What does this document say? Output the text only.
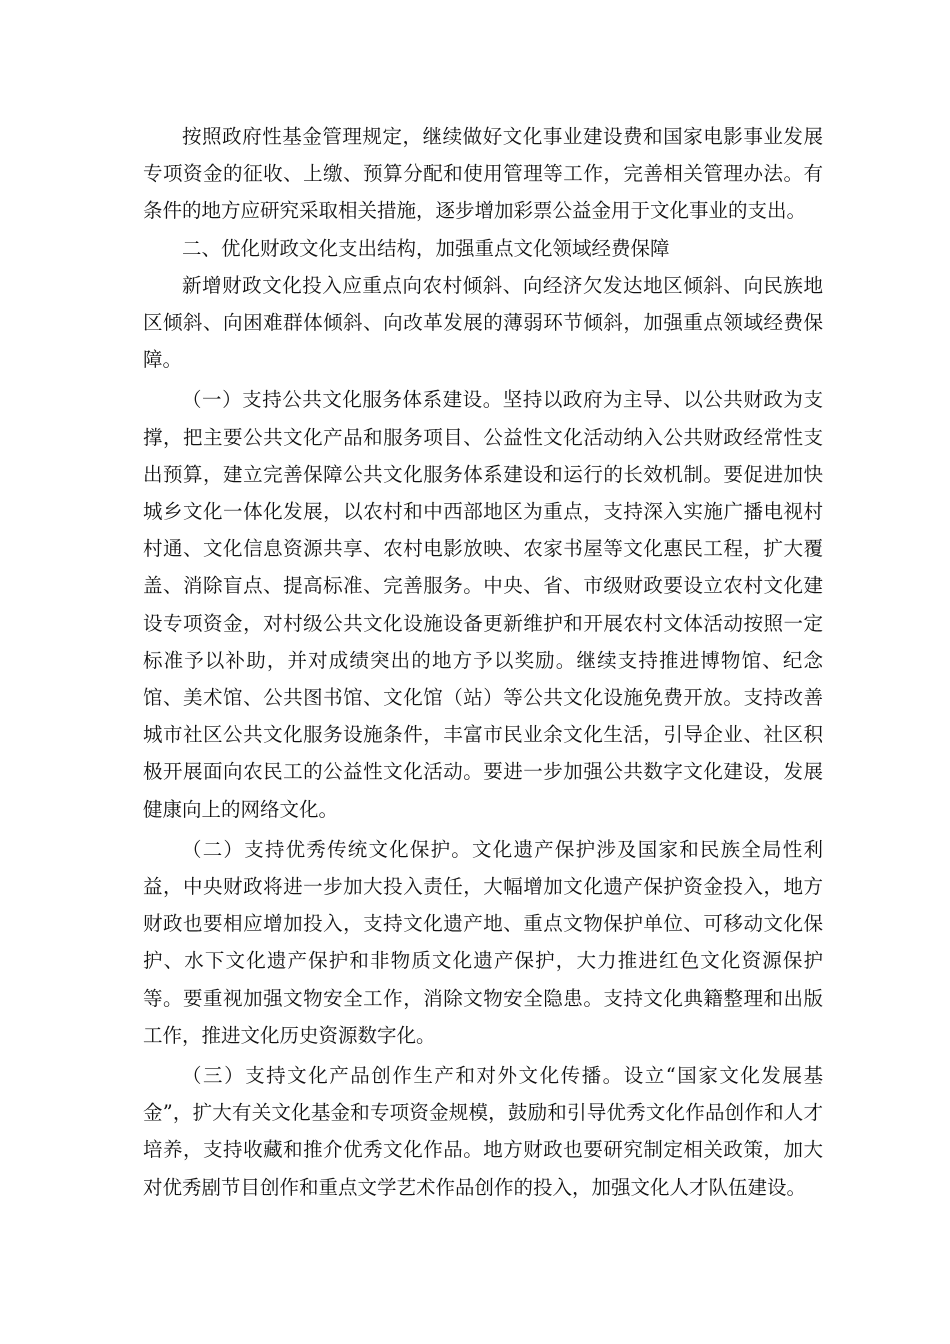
按照政府性基金管理规定，继续做好文化事业建设费和国家电影事业发展专项资金的征收、上缴、预算分配和使用管理等工作，完善相关管理办法。有条件的地方应研究采取相关措施，逐步增加彩票公益金用于文化事业的支出。

二、优化财政文化支出结构，加强重点文化领域经费保障

新增财政文化投入应重点向农村倾斜、向经济欠发达地区倾斜、向民族地区倾斜、向困难群体倾斜、向改革发展的薄弱环节倾斜，加强重点领域经费保障。

（一）支持公共文化服务体系建设。坚持以政府为主导、以公共财政为支撑，把主要公共文化产品和服务项目、公益性文化活动纳入公共财政经常性支出预算，建立完善保障公共文化服务体系建设和运行的长效机制。要促进加快城乡文化一体化发展，以农村和中西部地区为重点，支持深入实施广播电视村村通、文化信息资源共享、农村电影放映、农家书屋等文化惠民工程，扩大覆盖、消除盲点、提高标准、完善服务。中央、省、市级财政要设立农村文化建设专项资金，对村级公共文化设施设备更新维护和开展农村文体活动按照一定标准予以补助，并对成绩突出的地方予以奖励。继续支持推进博物馆、纪念馆、美术馆、公共图书馆、文化馆（站）等公共文化设施免费开放。支持改善城市社区公共文化服务设施条件，丰富市民业余文化生活，引导企业、社区积极开展面向农民工的公益性文化活动。要进一步加强公共数字文化建设，发展健康向上的网络文化。

（二）支持优秀传统文化保护。文化遗产保护涉及国家和民族全局性利益，中央财政将进一步加大投入责任，大幅增加文化遗产保护资金投入，地方财政也要相应增加投入，支持文化遗产地、重点文物保护单位、可移动文化保护、水下文化遗产保护和非物质文化遗产保护，大力推进红色文化资源保护等。要重视加强文物安全工作，消除文物安全隐患。支持文化典籍整理和出版工作，推进文化历史资源数字化。

（三）支持文化产品创作生产和对外文化传播。设立“国家文化发展基金”，扩大有关文化基金和专项资金规模，鼓励和引导优秀文化作品创作和人才培养，支持收藏和推介优秀文化作品。地方财政也要研究制定相关政策，加大对优秀剧节目创作和重点文学艺术作品创作的投入，加强文化人才队伍建设。
